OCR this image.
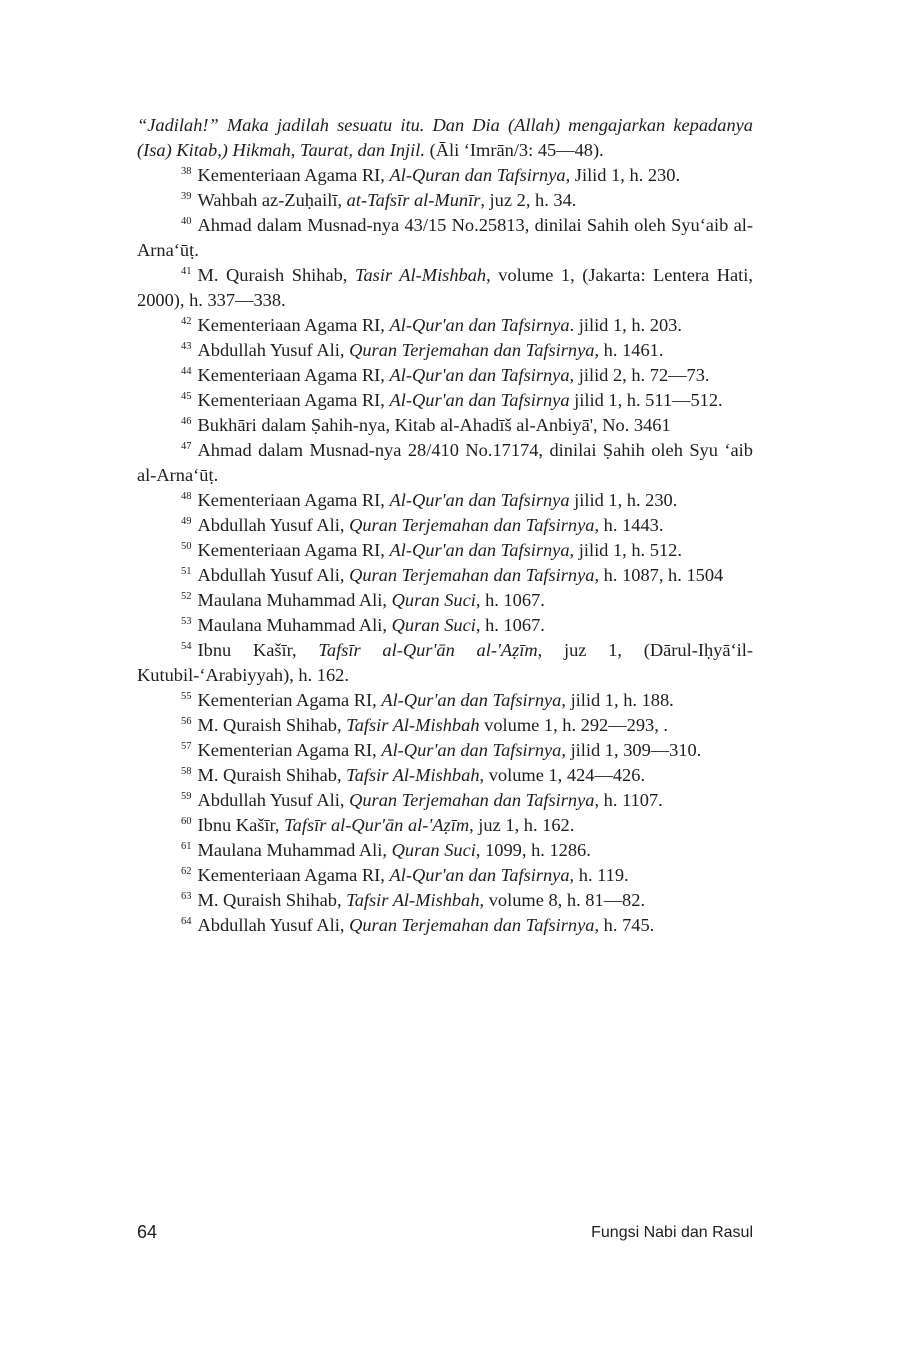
“Jadilah!” Maka jadilah sesuatu itu. Dan Dia (Allah) mengajarkan kepadanya (Isa) Kitab,) Hikmah, Taurat, dan Injil. (Āli ‘Imrān/3: 45—48).

$^{38}$ Kementeriaan Agama RI, Al-Quran dan Tafsirnya, Jilid 1, h. 230.

$^{39}$ Wahbah az-Zuḥailī, at-Tafsīr al-Munīr, juz 2, h. 34.

$^{40}$ Ahmad dalam Musnad-nya 43/15 No.25813, dinilai Sahih oleh Syu‘aib al-Arna‘ūṭ.

$^{41}$ M. Quraish Shihab, Tasir Al-Mishbah, volume 1, (Jakarta: Lentera Hati, 2000), h. 337—338.

$^{42}$ Kementeriaan Agama RI, Al-Qur'an dan Tafsirnya. jilid 1, h. 203.

$^{43}$ Abdullah Yusuf Ali, Quran Terjemahan dan Tafsirnya, h. 1461.

$^{44}$ Kementeriaan Agama RI, Al-Qur'an dan Tafsirnya, jilid 2, h. 72—73.

$^{45}$ Kementeriaan Agama RI, Al-Qur'an dan Tafsirnya jilid 1, h. 511—512.

$^{46}$ Bukhāri dalam Ṣahih-nya, Kitab al-Ahadīš al-Anbiyā', No. 3461

$^{47}$ Ahmad dalam Musnad-nya 28/410 No.17174, dinilai Ṣahih oleh Syu ‘aib al-Arna‘ūṭ.

$^{48}$ Kementeriaan Agama RI, Al-Qur'an dan Tafsirnya jilid 1, h. 230.

$^{49}$ Abdullah Yusuf Ali, Quran Terjemahan dan Tafsirnya, h. 1443.

$^{50}$ Kementeriaan Agama RI, Al-Qur'an dan Tafsirnya, jilid 1, h. 512.

$^{51}$ Abdullah Yusuf Ali, Quran Terjemahan dan Tafsirnya, h. 1087, h. 1504

$^{52}$ Maulana Muhammad Ali, Quran Suci, h. 1067.

$^{53}$ Maulana Muhammad Ali, Quran Suci, h. 1067.

$^{54}$ Ibnu Kašīr, Tafsīr al-Qur'ān al-'Aẓīm, juz 1, (Dārul-Iḥyā‘il-Kutubil-‘Arabiyyah), h. 162.

$^{55}$ Kementerian Agama RI, Al-Qur'an dan Tafsirnya, jilid 1, h. 188.

$^{56}$ M. Quraish Shihab, Tafsir Al-Mishbah volume 1, h. 292—293, .

$^{57}$ Kementerian Agama RI, Al-Qur'an dan Tafsirnya, jilid 1, 309—310.

$^{58}$ M. Quraish Shihab, Tafsir Al-Mishbah, volume 1, 424—426.

$^{59}$ Abdullah Yusuf Ali, Quran Terjemahan dan Tafsirnya, h. 1107.

$^{60}$ Ibnu Kašīr, Tafsīr al-Qur'ān al-'Aẓīm, juz 1, h. 162.

$^{61}$ Maulana Muhammad Ali, Quran Suci, 1099, h. 1286.

$^{62}$ Kementeriaan Agama RI, Al-Qur'an dan Tafsirnya, h. 119.

$^{63}$ M. Quraish Shihab, Tafsir Al-Mishbah, volume 8, h. 81—82.

$^{64}$ Abdullah Yusuf Ali, Quran Terjemahan dan Tafsirnya, h. 745.

64	Fungsi Nabi dan Rasul
